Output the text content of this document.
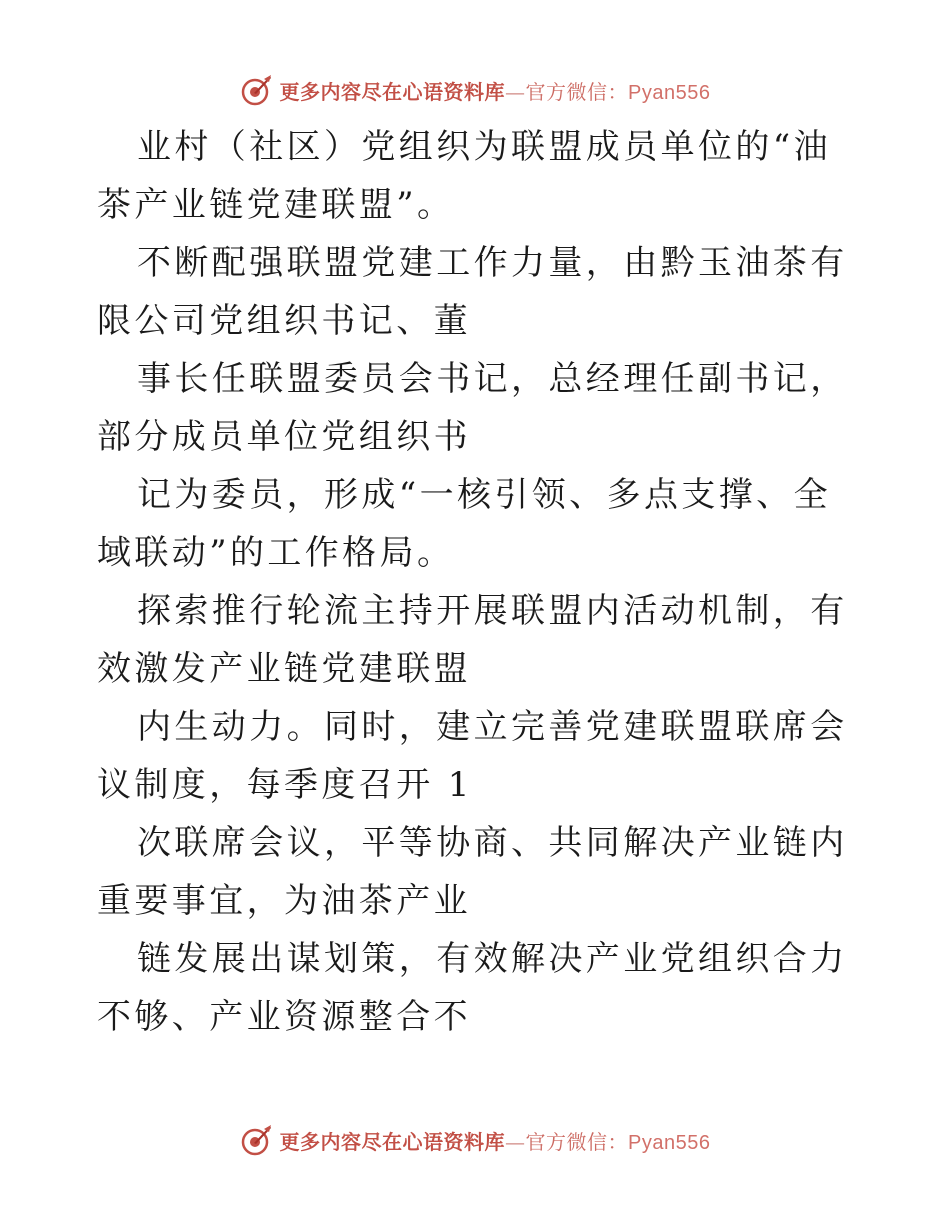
更多内容尽在心语资料库—官方微信：Pyan556

业村（社区）党组织为联盟成员单位的“油茶产业链党建联盟”。

不断配强联盟党建工作力量，由黔玉油茶有限公司党组织书记、董

事长任联盟委员会书记，总经理任副书记，部分成员单位党组织书

记为委员，形成“一核引领、多点支撑、全域联动”的工作格局。

探索推行轮流主持开展联盟内活动机制，有效激发产业链党建联盟

内生动力。同时，建立完善党建联盟联席会议制度，每季度召开 1

次联席会议，平等协商、共同解决产业链内重要事宜，为油茶产业

链发展出谋划策，有效解决产业党组织合力不够、产业资源整合不

更多内容尽在心语资料库—官方微信：Pyan556
